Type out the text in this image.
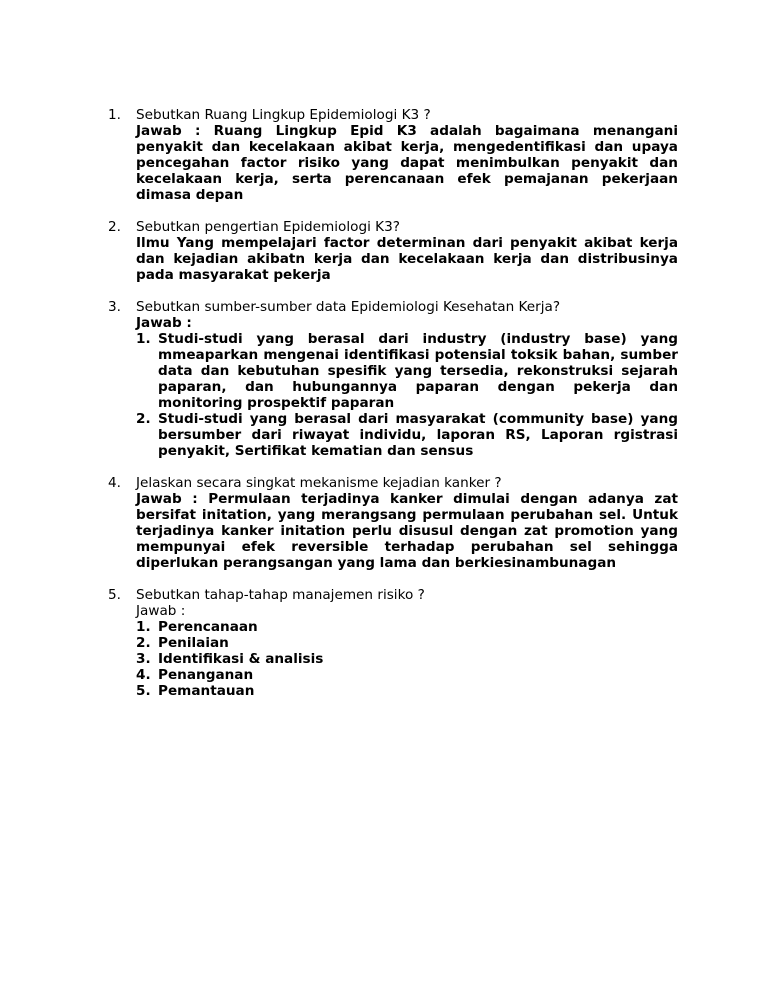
1.	Sebutkan Ruang Lingkup Epidemiologi K3 ?
Jawab : Ruang Lingkup Epid K3 adalah bagaimana menangani penyakit dan kecelakaan akibat kerja, mengedentifikasi dan upaya pencegahan factor risiko yang dapat menimbulkan penyakit dan kecelakaan kerja, serta perencanaan efek pemajanan pekerjaan dimasa depan
2.	Sebutkan pengertian Epidemiologi K3?
Ilmu Yang mempelajari factor determinan dari penyakit akibat kerja dan kejadian akibatn kerja dan kecelakaan kerja dan distribusinya pada masyarakat pekerja
3.	Sebutkan sumber-sumber data Epidemiologi Kesehatan Kerja?
Jawab :
1. Studi-studi yang berasal dari industry (industry base) yang mmeaparkan mengenai identifikasi potensial toksik bahan, sumber data dan kebutuhan spesifik yang tersedia, rekonstruksi sejarah paparan, dan hubungannya paparan dengan pekerja dan monitoring prospektif paparan
2. Studi-studi yang berasal dari masyarakat (community base) yang bersumber dari riwayat individu, laporan RS, Laporan rgistrasi penyakit, Sertifikat kematian dan sensus
4.	Jelaskan secara singkat mekanisme kejadian kanker ?
Jawab : Permulaan terjadinya kanker dimulai dengan adanya zat bersifat initation, yang merangsang permulaan perubahan sel. Untuk terjadinya kanker initation perlu disusul dengan zat promotion yang mempunyai efek reversible terhadap perubahan sel sehingga diperlukan perangsangan yang lama dan berkiesinambunagan
5.	Sebutkan tahap-tahap manajemen risiko ?
Jawab :
1. Perencanaan
2. Penilaian
3. Identifikasi & analisis
4. Penanganan
5. Pemantauan
